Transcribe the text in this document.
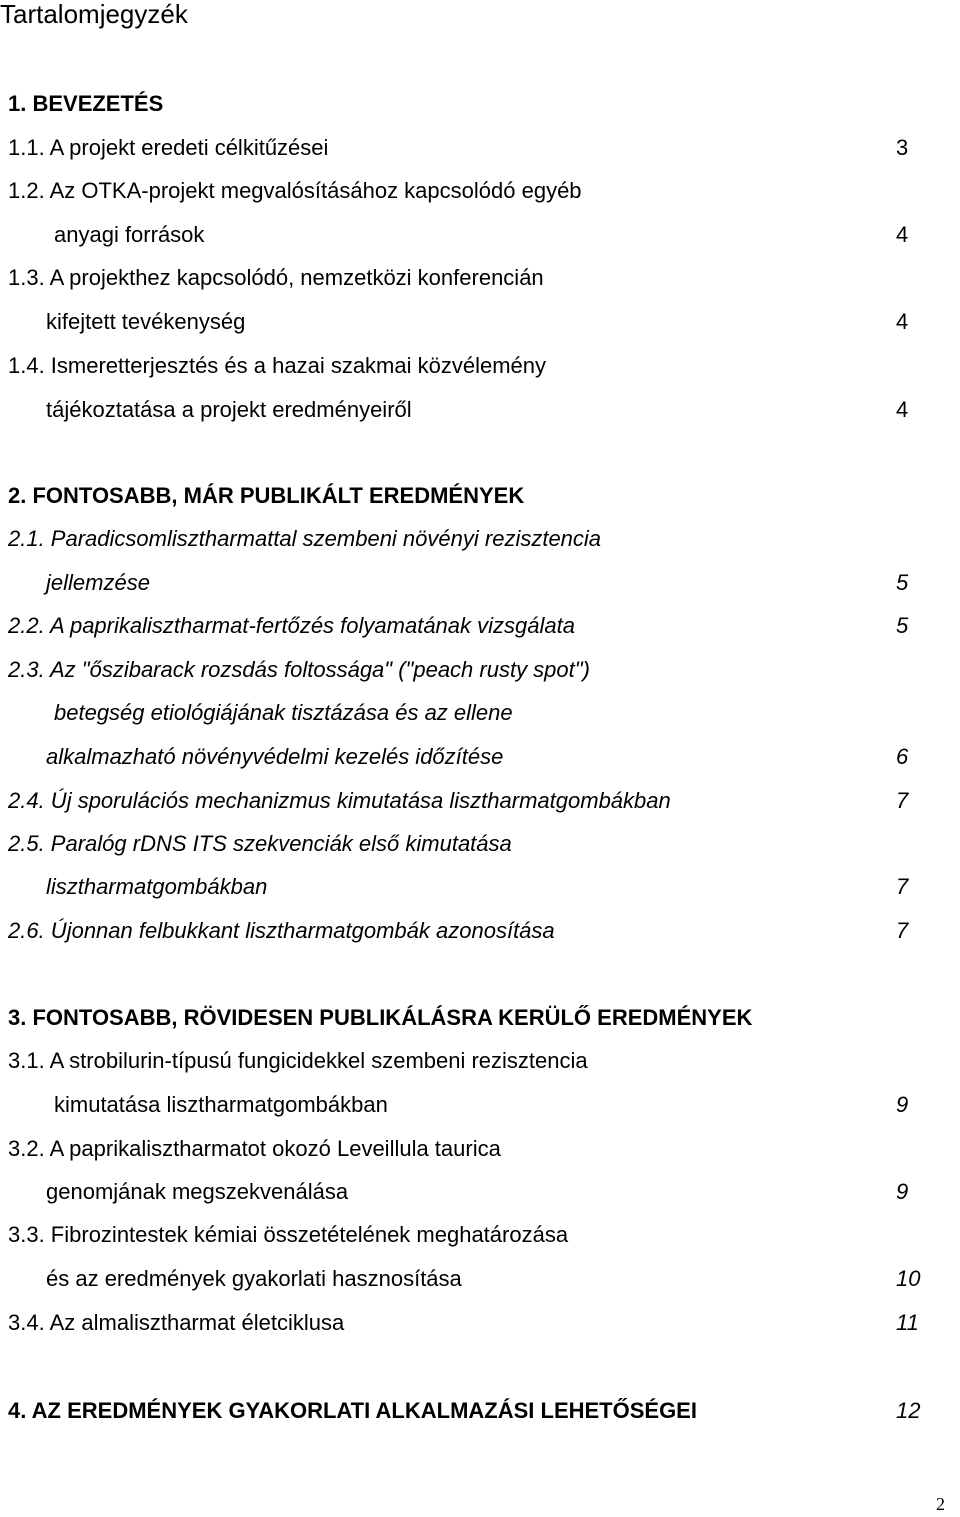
Tartalomjegyzék
1. BEVEZETÉS
1.1. A projekt eredeti célkitűzései	3
1.2. Az OTKA-projekt megvalósításához kapcsolódó egyéb
anyagi források	4
1.3. A projekthez kapcsolódó, nemzetközi konferencián
kifejtett tevékenység	4
1.4. Ismeretterjesztés és a hazai szakmai közvélemény
tájékoztatása a projekt eredményeiről	4
2. FONTOSABB, MÁR PUBLIKÁLT EREDMÉNYEK
2.1. Paradicsomlisztharmattal szembeni növényi rezisztencia
jellemzése	5
2.2. A paprikalisztharmat-fertőzés folyamatának vizsgálata	5
2.3. Az "őszibarack rozsdás foltossága" ("peach rusty spot")
betegség etiológiájának tisztázása és az ellene
alkalmazható növényvédelmi kezelés időzítése	6
2.4. Új sporulációs mechanizmus kimutatása lisztharmatgombákban	7
2.5. Paralóg rDNS ITS szekvenciák első kimutatása
lisztharmatgombákban	7
2.6. Újonnan felbukkant lisztharmatgombák azonosítása	7
3. FONTOSABB, RÖVIDESEN PUBLIKÁLÁSRA KERÜLŐ EREDMÉNYEK
3.1. A strobilurin-típusú fungicidekkel szembeni rezisztencia
kimutatása lisztharmatgombákban	9
3.2. A paprikalisztharmatot okozó Leveillula taurica
genomjának megszekvenálása	9
3.3. Fibrozintestek kémiai összetételének meghatározása
és az eredmények gyakorlati hasznosítása	10
3.4. Az almalisztharmat életciklusa	11
4. AZ EREDMÉNYEK GYAKORLATI ALKALMAZÁSI LEHETŐSÉGEI	12
2
